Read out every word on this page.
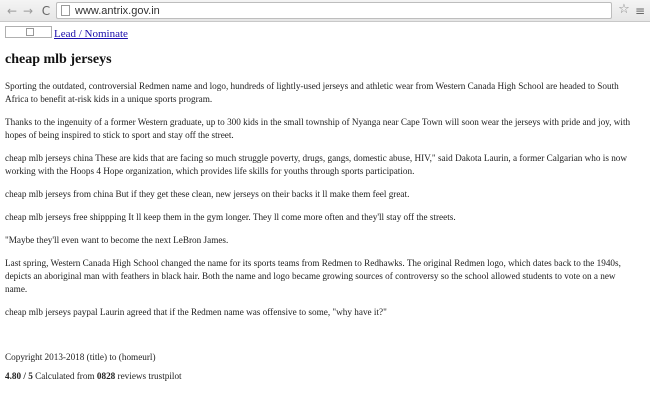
← → C	www.antrix.gov.in	☆ ≡
Lead / Nominate
cheap mlb jerseys

Sporting the outdated, controversial Redmen name and logo, hundreds of lightly-used jerseys and athletic wear from Western Canada High School are headed to South Africa to benefit at-risk kids in a unique sports program.

Thanks to the ingenuity of a former Western graduate, up to 300 kids in the small township of Nyanga near Cape Town will soon wear the jerseys with pride and joy, with hopes of being inspired to stick to sport and stay off the street.

cheap mlb jerseys china These are kids that are facing so much struggle poverty, drugs, gangs, domestic abuse, HIV," said Dakota Laurin, a former Calgarian who is now working with the Hoops 4 Hope organization, which provides life skills for youths through sports participation.

cheap mlb jerseys from china But if they get these clean, new jerseys on their backs it ll make them feel great.

cheap mlb jerseys free shippping It ll keep them in the gym longer. They ll come more often and they'll stay off the streets.

"Maybe they'll even want to become the next LeBron James.

Last spring, Western Canada High School changed the name for its sports teams from Redmen to Redhawks. The original Redmen logo, which dates back to the 1940s, depicts an aboriginal man with feathers in black hair. Both the name and logo became growing sources of controversy so the school allowed students to vote on a new name.

cheap mlb jerseys paypal Laurin agreed that if the Redmen name was offensive to some, "why have it?"

Copyright 2013-2018 (title) to (homeurl)
4.80 / 5 Calculated from 0828 reviews trustpilot
